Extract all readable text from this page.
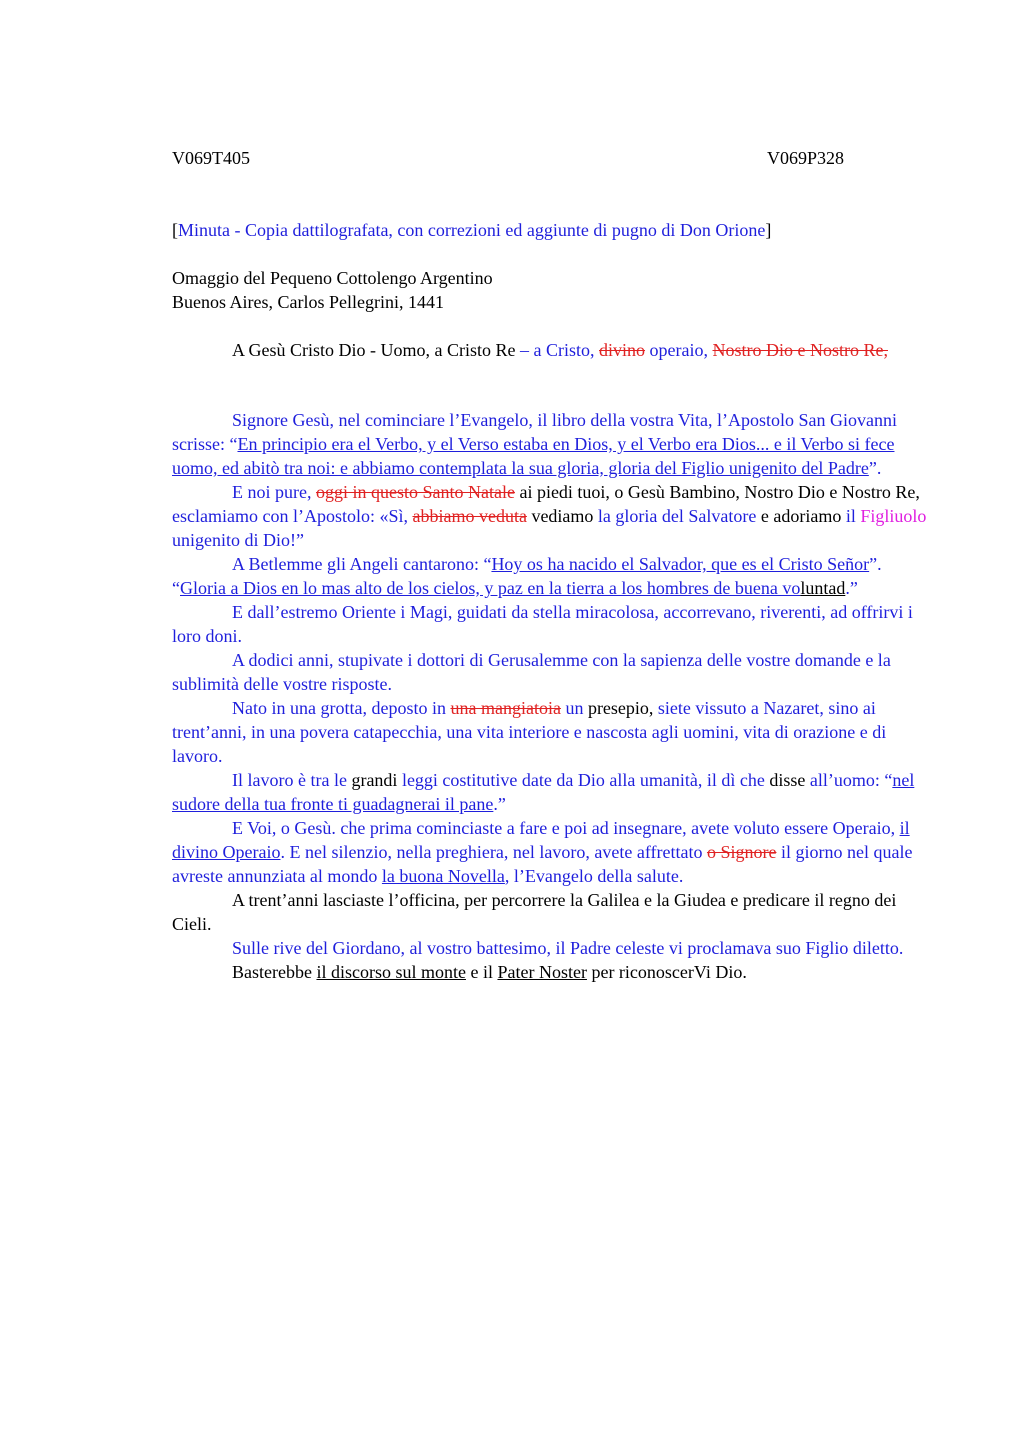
V069T405	V069P328
[Minuta - Copia dattilografata, con correzioni ed aggiunte di pugno di Don Orione]
Omaggio del Pequeno Cottolengo Argentino
Buenos Aires, Carlos Pellegrini, 1441

A Gesù Cristo Dio - Uomo, a Cristo Re – a Cristo, divino operaio, Nostro Dio e Nostro Re,

Signore Gesù, nel cominciare l’Evangelo, il libro della vostra Vita, l’Apostolo San Giovanni scrisse: “En principio era el Verbo, y el Verso estaba en Dios, y el Verbo era Dios... e il Verbo si fece uomo, ed abitò tra noi: e abbiamo contemplata la sua gloria, gloria del Figlio unigenito del Padre”.

E noi pure, oggi in questo Santo Natale ai piedi tuoi, o Gesù Bambino, Nostro Dio e Nostro Re, esclamiamo con l’Apostolo: «Sì, abbiamo veduta vediamo la gloria del Salvatore e adoriamo il Figliuolo unigenito di Dio!”

A Betlemme gli Angeli cantarono: “Hoy os ha nacido el Salvador, que es el Cristo Señor”. “Gloria a Dios en lo mas alto de los cielos, y paz en la tierra a los hombres de buena voluntad.”

E dall’estremo Oriente i Magi, guidati da stella miracolosa, accorrevano, riverenti, ad offrirvi i loro doni.

A dodici anni, stupivate i dottori di Gerusalemme con la sapienza delle vostre domande e la sublimità delle vostre risposte.

Nato in una grotta, deposto in una mangiatoia un presepio, siete vissuto a Nazaret, sino ai trent’anni, in una povera catapecchia, una vita interiore e nascosta agli uomini, vita di orazione e di lavoro.

Il lavoro è tra le grandi leggi costitutive date da Dio alla umanità, il dì che disse all’uomo: “nel sudore della tua fronte ti guadagnerai il pane.”

E Voi, o Gesù. che prima cominciaste a fare e poi ad insegnare, avete voluto essere Operaio, il divino Operaio. E nel silenzio, nella preghiera, nel lavoro, avete affrettato o Signore il giorno nel quale avreste annunziata al mondo la buona Novella, l’Evangelo della salute.

A trent’anni lasciaste l’officina, per percorrere la Galilea e la Giudea e predicare il regno dei Cieli.

Sulle rive del Giordano, al vostro battesimo, il Padre celeste vi proclamava suo Figlio diletto.

Basterebbe il discorso sul monte e il Pater Noster per riconoscerVi Dio.
